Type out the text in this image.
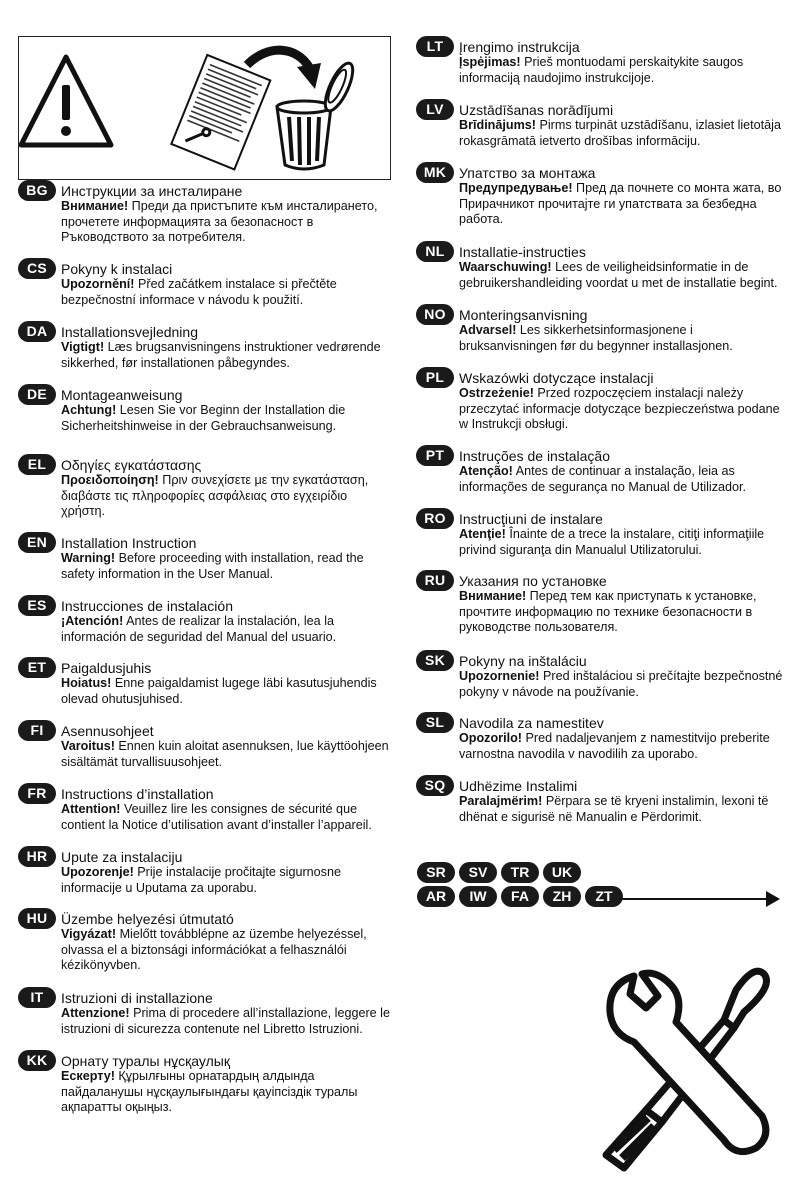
BG Инструкции за инсталиране
Внимание! Преди да пристъпите към инсталирането, прочетете информацията за безопасност в Ръководството за потребителя.
CS Pokyny k instalaci
Upozornění! Před začátkem instalace si přečtěte bezpečnostní informace v návodu k použití.
DA Installationsvejledning
Vigtigt! Læs brugsanvisningens instruktioner vedrørende sikkerhed, før installationen påbegyndes.
DE Montageanweisung
Achtung! Lesen Sie vor Beginn der Installation die Sicherheitshinweise in der Gebrauchsanweisung.
EL	Οδηγίες εγκατάστασης
Προειδοποίηση! Πριν συνεχίσετε με την εγκατάσταση, διαβάστε τις πληροφορίες ασφάλειας στο εγχειρίδιο χρήστη.
EN Installation Instruction
Warning! Before proceeding with installation, read the safety information in the User Manual.
ES	Instrucciones de instalación
¡Atención! Antes de realizar la instalación, lea la información de seguridad del Manual del usuario.
ET	Paigaldusjuhis
Hoiatus! Enne paigaldamist lugege läbi kasutusjuhendis olevad ohutusjuhised.
FI	Asennusohjeet
Varoitus! Ennen kuin aloitat asennuksen, lue käyttöohjeen sisältämät turvallisuusohjeet.
FR	Instructions d’installation
Attention! Veuillez lire les consignes de sécurité que contient la Notice d’utilisation avant d’installer l’appareil.
HR Upute za instalaciju
Upozorenje! Prije instalacije pročitajte sigurnosne informacije u Uputama za uporabu.
HU Üzembe helyezési útmutató
Vigyázat! Mielőtt továbblépne az üzembe helyezéssel, olvassa el a biztonsági információkat a felhasználói kézikönyvben.
IT	Istruzioni di installazione
Attenzione! Prima di procedere all’installazione, leggere le istruzioni di sicurezza contenute nel Libretto Istruzioni.
KK Орнату туралы нұсқаулық
Ескерту! Құрылғыны орнатардың алдында пайдаланушы нұсқаулығындағы қауіпсіздік туралы ақпаратты оқыңыз.
LT	Įrengimo instrukcija
Įspėjimas! Prieš montuodami perskaitykite saugos informaciją naudojimo instrukcijoje.
LV	Uzstādīšanas norādījumi
Brīdinājums! Pirms turpināt uzstādīšanu, izlasiet lietotāja rokasgrāmatā ietverto drošības informāciju.
MK Упатство за монтажа
Предупредување! Пред да почнете со монта жата, во Прирачникот прочитајте ги упатствата за безбедна работа.
NL	Installatie-instructies
Waarschuwing! Lees de veiligheidsinformatie in de gebruikershandleiding voordat u met de installatie begint.
NO Monteringsanvisning
Advarsel! Les sikkerhetsinformasjonene i bruksanvisningen før du begynner installasjonen.
PL	Wskazówki dotyczące instalacji
Ostrzeżenie! Przed rozpoczęciem instalacji należy przeczytać informacje dotyczące bezpieczeństwa podane w Instrukcji obsługi.
PT	Instruções de instalação
Atenção! Antes de continuar a instalação, leia as informações de segurança no Manual de Utilizador.
RO Instrucţiuni de instalare
Atenţie! Înainte de a trece la instalare, citiţi informaţiile privind siguranţa din Manualul Utilizatorului.
RU Указания по установке
Внимание! Перед тем как приступать к установке, прочтите информацию по технике безопасности в руководстве пользователя.
SK Pokyny na inštaláciu
Upozornenie! Pred inštaláciou si prečítajte bezpečnostné pokyny v návode na používanie.
SL	Navodila za namestitev
Opozorilo! Pred nadaljevanjem z namestitvijo preberite varnostna navodila v navodilih za uporabo.
SQ Udhëzime Instalimi
Paralajmërim! Përpara se të kryeni instalimin, lexoni të dhënat e sigurisë në Manualin e Përdorimit.
SR	SV	TR	UK
AR	IW	FA	ZH	ZT
